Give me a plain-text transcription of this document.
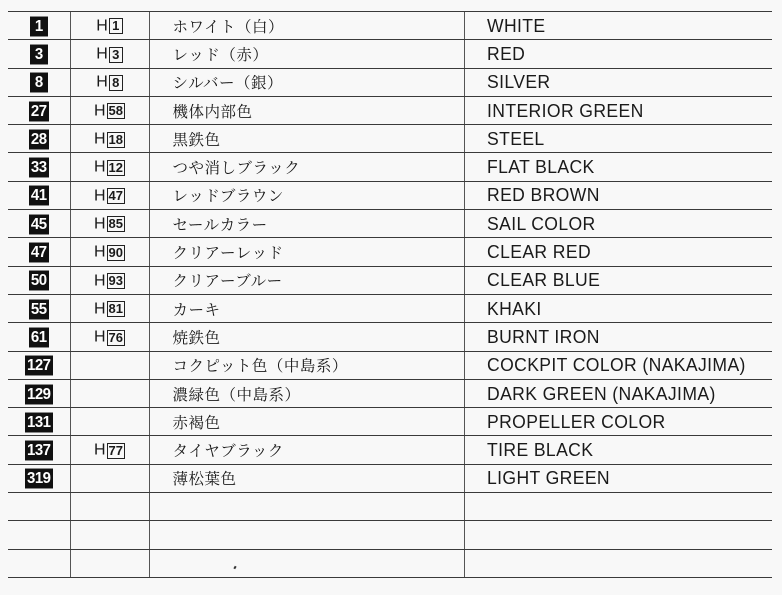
1	H 1	ホワイト（白）	WHITE
3	H 3	レッド（赤）	RED
8	H 8	シルバー（銀）	SILVER
27	H 58	機体内部色	INTERIOR GREEN
28	H 18	黒鉄色	STEEL
33	H 12	つや消しブラック	FLAT BLACK
41	H 47	レッドブラウン	RED BROWN
45	H 85	セールカラー	SAIL COLOR
47	H 90	クリアーレッド	CLEAR RED
50	H 93	クリアーブルー	CLEAR BLUE
55	H 81	カーキ	KHAKI
61	H 76	焼鉄色	BURNT IRON
127		コクピット色（中島系）	COCKPIT COLOR (NAKAJIMA)
129		濃緑色（中島系）	DARK GREEN (NAKAJIMA)
131		赤褐色	PROPELLER COLOR
137	H 77	タイヤブラック	TIRE BLACK
319		薄松葉色	LIGHT GREEN
